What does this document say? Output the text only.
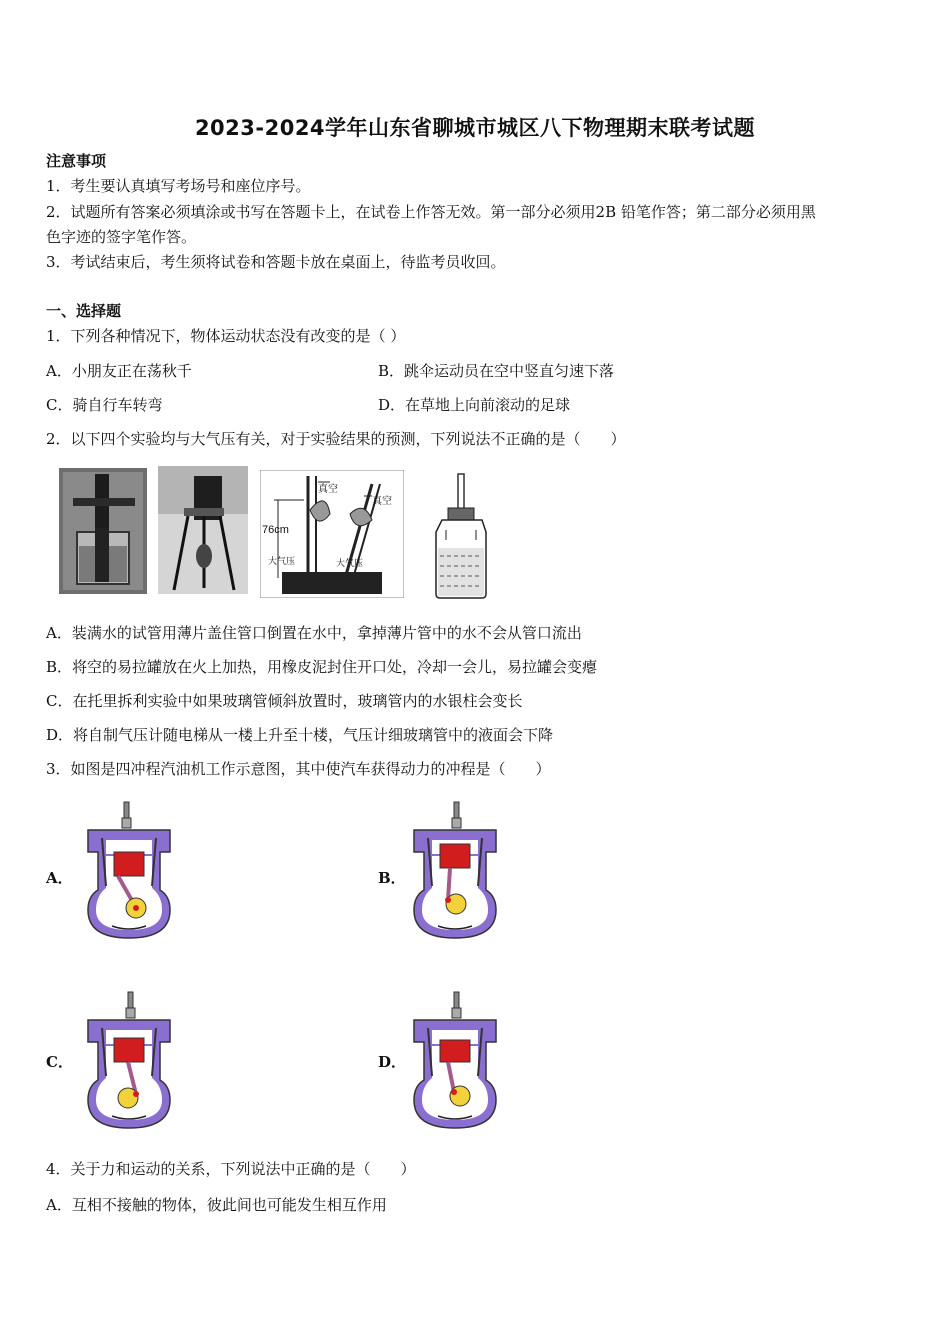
2023-2024学年山东省聊城市城区八下物理期末联考试题
注意事项
1．考生要认真填写考场号和座位序号。
2．试题所有答案必须填涂或书写在答题卡上，在试卷上作答无效。第一部分必须用2B 铅笔作答；第二部分必须用黑
色字迹的签字笔作答。
3．考试结束后，考生须将试卷和答题卡放在桌面上，待监考员收回。
一、选择题
1．下列各种情况下，物体运动状态没有改变的是（ ）
A．小朋友正在荡秋千	B．跳伞运动员在空中竖直匀速下落
C．骑自行车转弯	D．在草地上向前滚动的足球
2．以下四个实验均与大气压有关，对于实验结果的预测，下列说法不正确的是（　　）
真空
真空
76cm
大气压	大气压
A．装满水的试管用薄片盖住管口倒置在水中，拿掉薄片管中的水不会从管口流出
B．将空的易拉罐放在火上加热，用橡皮泥封住开口处，冷却一会儿，易拉罐会变瘪
C．在托里拆利实验中如果玻璃管倾斜放置时，玻璃管内的水银柱会变长
D．将自制气压计随电梯从一楼上升至十楼，气压计细玻璃管中的液面会下降
3．如图是四冲程汽油机工作示意图，其中使汽车获得动力的冲程是（　　）
A．	B．
C．	D．
4．关于力和运动的关系，下列说法中正确的是（　　）
A．互相不接触的物体，彼此间也可能发生相互作用
